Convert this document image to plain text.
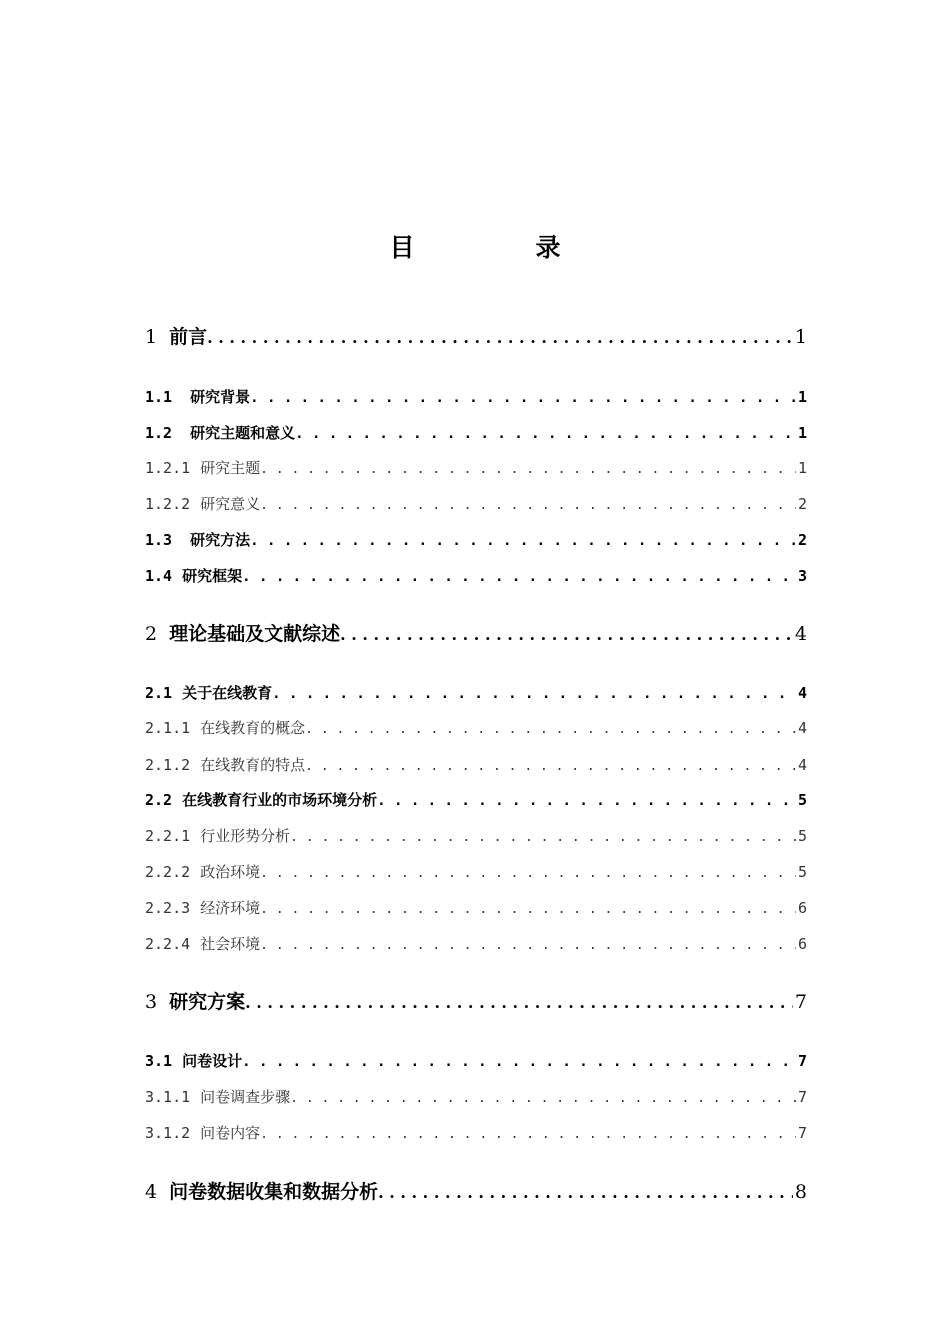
目　录
1 前言 . . .	1
1.1 研究背景 . . .	1
1.2 研究主题和意义 . . .	1
1.2.1 研究主题 . . .	1
1.2.2 研究意义 . . .	2
1.3 研究方法 . . .	2
1.4 研究框架 . . .	3
2 理论基础及文献综述 . . .	4
2.1 关于在线教育 . . .	4
2.1.1 在线教育的概念 . . .	4
2.1.2 在线教育的特点 . . .	4
2.2 在线教育行业的市场环境分析 . . .	5
2.2.1 行业形势分析 . . .	5
2.2.2 政治环境 . . .	5
2.2.3 经济环境 . . .	6
2.2.4 社会环境 . . .	6
3 研究方案 . . .	7
3.1 问卷设计 . . .	7
3.1.1 问卷调查步骤 . . .	7
3.1.2 问卷内容 . . .	7
4 问卷数据收集和数据分析 . . .	8
